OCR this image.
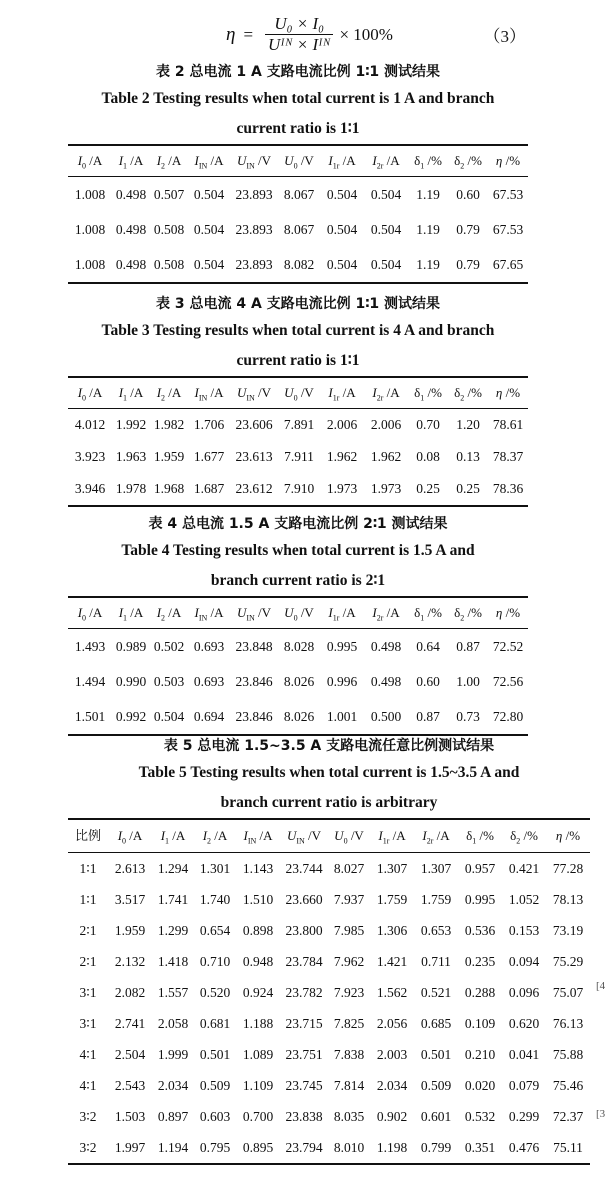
$\eta = \frac{\text{U₀ × I₀}}{\text{Uᴵᴺ × Iᴵᴺ}} \times 100\%$	（3）
表 2 总电流 1 A 支路电流比例 1∶1 测试结果
Table 2 Testing results when total current is 1 A and branch
current ratio is 1∶1
$I_0$ /A	$I_1$ /A	$I_2$ /A	$I_{IN}$ /A	$U_{IN}$ /V	$U_0$ /V	$I_{1r}$ /A	$I_{2r}$ /A	$\delta_1$ /% $\delta_2$ /%	η /%
1.008 0.498 0.507 0.504 23.893 8.067 0.504	0.504	1.19	0.60 67.53
1.008 0.498 0.508 0.504 23.893 8.067 0.504	0.504	1.19	0.79 67.53
1.008 0.498 0.508 0.504 23.893 8.082 0.504	0.504	1.19	0.79 67.65
表 3 总电流 4 A 支路电流比例 1∶1 测试结果
Table 3 Testing results when total current is 4 A and branch
current ratio is 1∶1
$I_0$ /A	$I_1$ /A	$I_2$ /A	$I_{IN}$ /A	$U_{IN}$ /V	$U_0$ /V	$I_{1r}$ /A	$I_{2r}$ /A	$\delta_1$ /% $\delta_2$ /%	η /%
4.012 1.992 1.982 1.706 23.606 7.891 2.006	2.006	0.70	1.20 78.61
3.923 1.963 1.959 1.677 23.613 7.911 1.962	1.962	0.08	0.13 78.37
3.946 1.978 1.968 1.687 23.612 7.910 1.973	1.973	0.25	0.25 78.36
表 4 总电流 1.5 A 支路电流比例 2∶1 测试结果
Table 4 Testing results when total current is 1.5 A and
branch current ratio is 2∶1
$I_0$ /A	$I_1$ /A	$I_2$ /A	$I_{IN}$ /A	$U_{IN}$ /V	$U_0$ /V	$I_{1r}$ /A	$I_{2r}$ /A	$\delta_1$ /% $\delta_2$ /%	η /%
1.493 0.989 0.502 0.693 23.848 8.028 0.995	0.498	0.64	0.87 72.52
1.494 0.990 0.503 0.693 23.846 8.026 0.996	0.498	0.60	1.00 72.56
1.501 0.992 0.504 0.694 23.846 8.026 1.001	0.500	0.87	0.73 72.80
表 5 总电流 1.5~3.5 A 支路电流任意比例测试结果
Table 5 Testing results when total current is 1.5~3.5 A and
branch current ratio is arbitrary
比例	$I_0$ /A	$I_1$ /A	$I_2$ /A	$I_{IN}$ /A	$U_{IN}$ /V	$U_0$ /V	$I_{1r}$ /A	$I_{2r}$ /A	$\delta_1$ /%	$\delta_2$ /%	η /%
1∶1	2.613 1.294 1.301 1.143 23.744 8.027 1.307	1.307	0.957	0.421	77.28
1∶1	3.517 1.741 1.740 1.510 23.660 7.937 1.759	1.759	0.995	1.052	78.13
2∶1	1.959 1.299 0.654 0.898 23.800 7.985 1.306	0.653	0.536	0.153	73.19
2∶1	2.132 1.418 0.710 0.948 23.784 7.962 1.421	0.711	0.235	0.094	75.29
3∶1	2.082 1.557 0.520 0.924 23.782 7.923 1.562	0.521	0.288	0.096	75.07
3∶1	2.741 2.058 0.681 1.188 23.715 7.825 2.056	0.685	0.109	0.620	76.13
4∶1	2.504 1.999 0.501 1.089 23.751 7.838 2.003	0.501	0.210	0.041	75.88
4∶1	2.543 2.034 0.509 1.109 23.745 7.814 2.034	0.509	0.020	0.079	75.46
3∶2	1.503 0.897 0.603 0.700 23.838 8.035 0.902	0.601	0.532	0.299	72.37
3∶2	1.997 1.194 0.795 0.895 23.794 8.010 1.198	0.799	0.351	0.476	75.11
[4
[3
